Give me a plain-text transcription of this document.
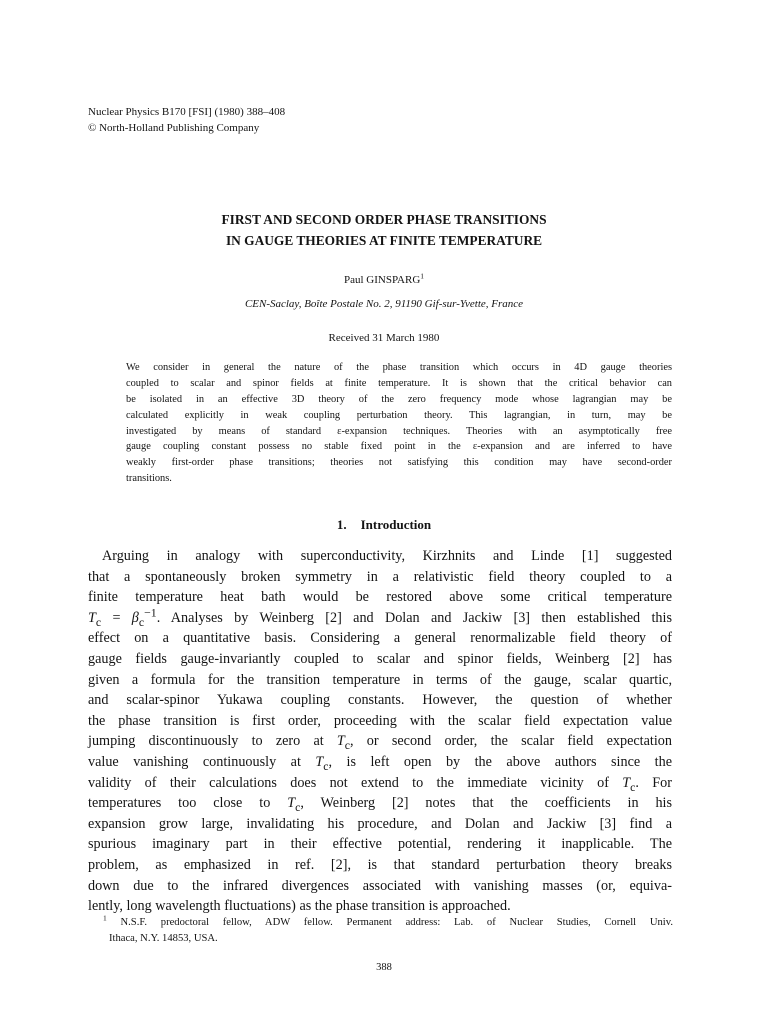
Nuclear Physics B170 [FSI] (1980) 388–408
© North-Holland Publishing Company
FIRST AND SECOND ORDER PHASE TRANSITIONS
IN GAUGE THEORIES AT FINITE TEMPERATURE
Paul GINSPARG$^1$
CEN-Saclay, Boîte Postale No. 2, 91190 Gif-sur-Yvette, France
Received 31 March 1980
We consider in general the nature of the phase transition which occurs in 4D gauge theories
coupled to scalar and spinor fields at finite temperature. It is shown that the critical behavior can
be isolated in an effective 3D theory of the zero frequency mode whose lagrangian may be
calculated explicitly in weak coupling perturbation theory. This lagrangian, in turn, may be
investigated by means of standard ε-expansion techniques. Theories with an asymptotically free
gauge coupling constant possess no stable fixed point in the ε-expansion and are inferred to have
weakly first-order phase transitions; theories not satisfying this condition may have second-order
transitions.
1. Introduction
Arguing in analogy with superconductivity, Kirzhnits and Linde [1] suggested
that a spontaneously broken symmetry in a relativistic field theory coupled to a
finite temperature heat bath would be restored above some critical temperature
$T_c = \beta_c^{-1}$. Analyses by Weinberg [2] and Dolan and Jackiw [3] then established this
effect on a quantitative basis. Considering a general renormalizable field theory of
gauge fields gauge-invariantly coupled to scalar and spinor fields, Weinberg [2] has
given a formula for the transition temperature in terms of the gauge, scalar quartic,
and scalar-spinor Yukawa coupling constants. However, the question of whether
the phase transition is first order, proceeding with the scalar field expectation value
jumping discontinuously to zero at $T_c$, or second order, the scalar field expectation
value vanishing continuously at $T_c$, is left open by the above authors since the
validity of their calculations does not extend to the immediate vicinity of $T_c$. For
temperatures too close to $T_c$, Weinberg [2] notes that the coefficients in his
expansion grow large, invalidating his procedure, and Dolan and Jackiw [3] find a
spurious imaginary part in their effective potential, rendering it inapplicable. The
problem, as emphasized in ref. [2], is that standard perturbation theory breaks
down due to the infrared divergences associated with vanishing masses (or, equiva-
lently, long wavelength fluctuations) as the phase transition is approached.
$^1$ N.S.F. predoctoral fellow, ADW fellow. Permanent address: Lab. of Nuclear Studies, Cornell Univ.
Ithaca, N.Y. 14853, USA.
388
